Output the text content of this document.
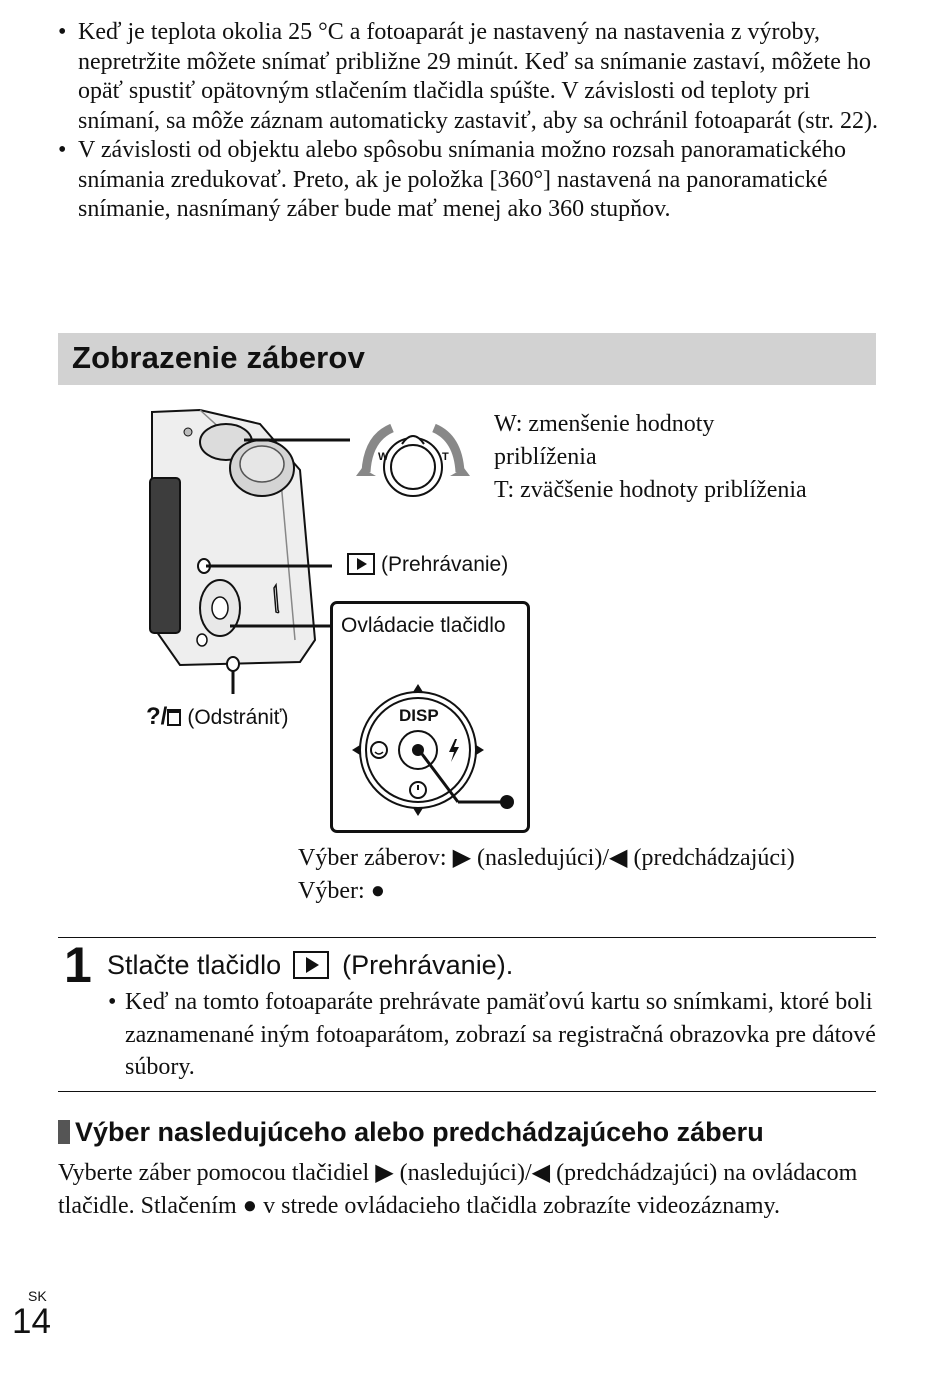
• Keď je teplota okolia 25 °C a fotoaparát je nastavený na nastavenia z výroby, nepretržite môžete snímať približne 29 minút. Keď sa snímanie zastaví, môžete ho opäť spustiť opätovným stlačením tlačidla spúšte. V závislosti od teploty pri snímaní, sa môže záznam automaticky zastaviť, aby sa ochránil fotoaparát (str. 22).
• V závislosti od objektu alebo spôsobu snímania možno rozsah panoramatického snímania zredukovať. Preto, ak je položka [360°] nastavená na panoramatické snímanie, nasnímaný záber bude mať menej ako 360 stupňov.
Zobrazenie záberov
W	T
W: zmenšenie hodnoty priblíženia
T: zväčšenie hodnoty priblíženia
(Prehrávanie)
?/ (Odstrániť)
Ovládacie tlačidlo
DISP
Výber záberov: ▶ (nasledujúci)/◀ (predchádzajúci)
Výber: ●
1 Stlačte tlačidlo (Prehrávanie).
• Keď na tomto fotoaparáte prehrávate pamäťovú kartu so snímkami, ktoré boli zaznamenané iným fotoaparátom, zobrazí sa registračná obrazovka pre dátové súbory.
Výber nasledujúceho alebo predchádzajúceho záberu
Vyberte záber pomocou tlačidiel ▶ (nasledujúci)/◀ (predchádzajúci) na ovládacom tlačidle. Stlačením ● v strede ovládacieho tlačidla zobrazíte videozáznamy.
SK
14
